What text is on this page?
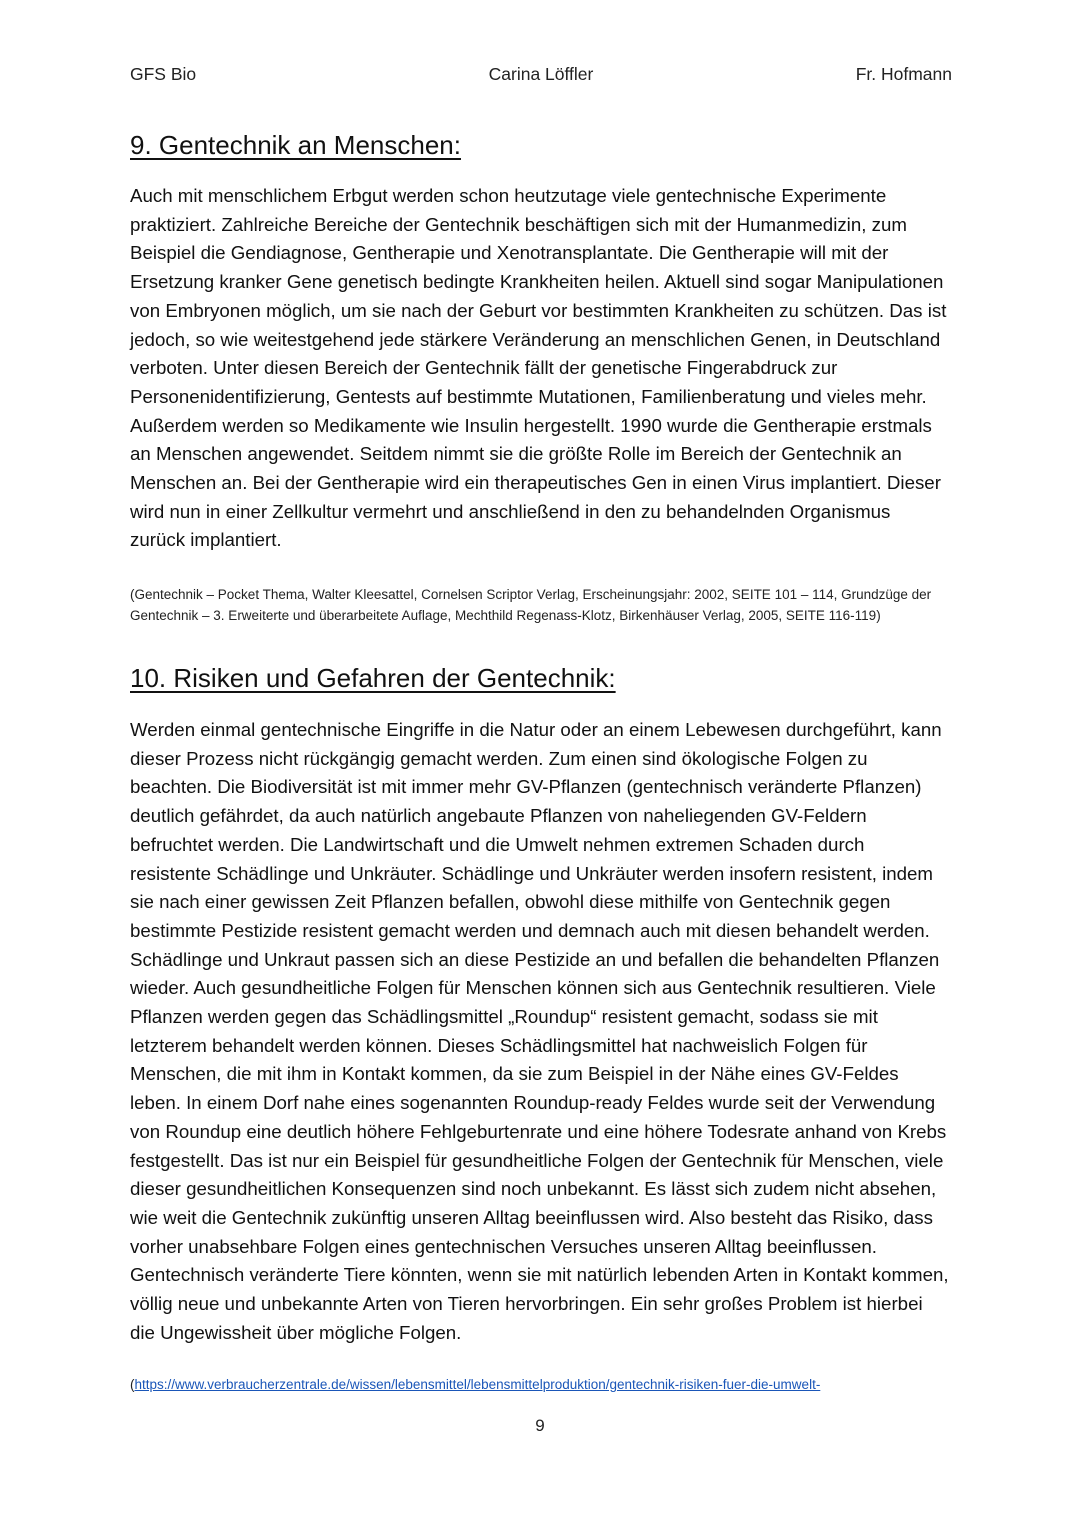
GFS Bio	Carina Löffler	Fr. Hofmann
9. Gentechnik an Menschen:
Auch mit menschlichem Erbgut werden schon heutzutage viele gentechnische Experimente praktiziert. Zahlreiche Bereiche der Gentechnik beschäftigen sich mit der Humanmedizin, zum Beispiel die Gendiagnose, Gentherapie und Xenotransplantate. Die Gentherapie will mit der Ersetzung kranker Gene genetisch bedingte Krankheiten heilen. Aktuell sind sogar Manipulationen von Embryonen möglich, um sie nach der Geburt vor bestimmten Krankheiten zu schützen. Das ist jedoch, so wie weitestgehend jede stärkere Veränderung an menschlichen Genen, in Deutschland verboten. Unter diesen Bereich der Gentechnik fällt der genetische Fingerabdruck zur Personenidentifizierung, Gentests auf bestimmte Mutationen, Familienberatung und vieles mehr. Außerdem werden so Medikamente wie Insulin hergestellt. 1990 wurde die Gentherapie erstmals an Menschen angewendet. Seitdem nimmt sie die größte Rolle im Bereich der Gentechnik an Menschen an. Bei der Gentherapie wird ein therapeutisches Gen in einen Virus implantiert. Dieser wird nun in einer Zellkultur vermehrt und anschließend in den zu behandelnden Organismus zurück implantiert.
(Gentechnik – Pocket Thema, Walter Kleesattel, Cornelsen Scriptor Verlag, Erscheinungsjahr: 2002, SEITE 101 – 114, Grundzüge der Gentechnik – 3. Erweiterte und überarbeitete Auflage, Mechthild Regenass-Klotz, Birkenhäuser Verlag, 2005, SEITE 116-119)
10. Risiken und Gefahren der Gentechnik:
Werden einmal gentechnische Eingriffe in die Natur oder an einem Lebewesen durchgeführt, kann dieser Prozess nicht rückgängig gemacht werden. Zum einen sind ökologische Folgen zu beachten. Die Biodiversität ist mit immer mehr GV-Pflanzen (gentechnisch veränderte Pflanzen) deutlich gefährdet, da auch natürlich angebaute Pflanzen von naheliegenden GV-Feldern befruchtet werden. Die Landwirtschaft und die Umwelt nehmen extremen Schaden durch resistente Schädlinge und Unkräuter. Schädlinge und Unkräuter werden insofern resistent, indem sie nach einer gewissen Zeit Pflanzen befallen, obwohl diese mithilfe von Gentechnik gegen bestimmte Pestizide resistent gemacht werden und demnach auch mit diesen behandelt werden. Schädlinge und Unkraut passen sich an diese Pestizide an und befallen die behandelten Pflanzen wieder. Auch gesundheitliche Folgen für Menschen können sich aus Gentechnik resultieren. Viele Pflanzen werden gegen das Schädlingsmittel „Roundup“ resistent gemacht, sodass sie mit letzterem behandelt werden können. Dieses Schädlingsmittel hat nachweislich Folgen für Menschen, die mit ihm in Kontakt kommen, da sie zum Beispiel in der Nähe eines GV-Feldes leben. In einem Dorf nahe eines sogenannten Roundup-ready Feldes wurde seit der Verwendung von Roundup eine deutlich höhere Fehlgeburtenrate und eine höhere Todesrate anhand von Krebs festgestellt. Das ist nur ein Beispiel für gesundheitliche Folgen der Gentechnik für Menschen, viele dieser gesundheitlichen Konsequenzen sind noch unbekannt. Es lässt sich zudem nicht absehen, wie weit die Gentechnik zukünftig unseren Alltag beeinflussen wird. Also besteht das Risiko, dass vorher unabsehbare Folgen eines gentechnischen Versuches unseren Alltag beeinflussen. Gentechnisch veränderte Tiere könnten, wenn sie mit natürlich lebenden Arten in Kontakt kommen, völlig neue und unbekannte Arten von Tieren hervorbringen. Ein sehr großes Problem ist hierbei die Ungewissheit über mögliche Folgen.
(https://www.verbraucherzentrale.de/wissen/lebensmittel/lebensmittelproduktion/gentechnik-risiken-fuer-die-umwelt-
9
